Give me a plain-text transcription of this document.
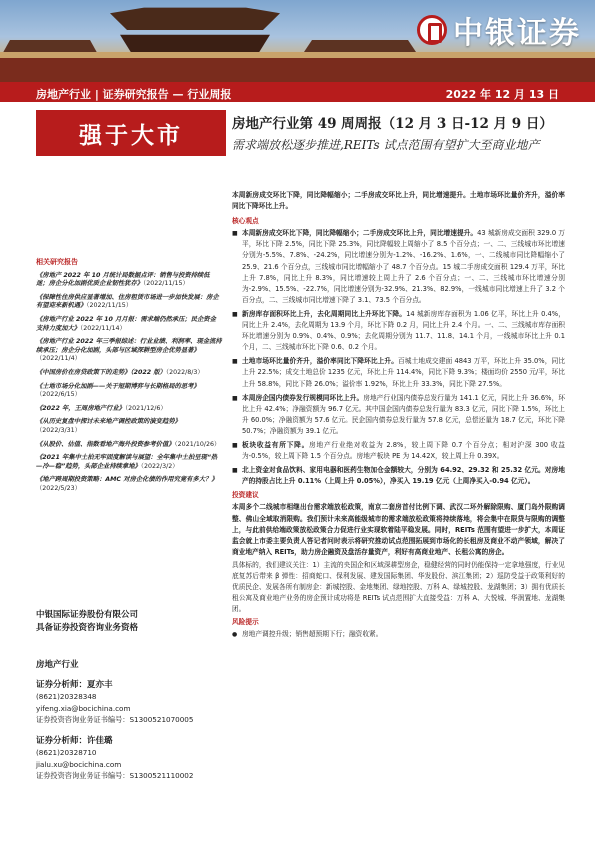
中银证券
房地产行业 | 证券研究报告 — 行业周报	2022 年 12 月 13 日
强于大市	房地产行业第 49 周周报（12 月 3 日-12 月 9 日）
需求端放松逐步推进,REITs 试点范围有望扩大至商业地产
相关研究报告
《房地产 2022 年 10 月统计局数据点评：销售与投资持续低迷；房企分化加剧优质企业韧性犹存》（2022/11/15）
《保障性住房供应显著增加、住房租赁市场进一步加快发展：房企有望迎来新机遇》（2022/11/15）
《房地产行业 2022 年 10 月月报：需求端仍然承压；民企资金支持力度加大》（2022/11/14）
《房地产行业 2022 年三季报综述：行业业绩、利润率、现金流持续承压；房企分化加剧，头部与区域深耕型房企优势显著》（2022/11/4）
《中国房价在房贷政策下的走势》（2022 版）（2022/8/3）
《土地市场分化加剧——关于短期博弈与长期格局的思考》（2022/6/15）
《2022 年，王周房地产行业》（2021/12/6）
《从历史复盘中探讨未来地产调控政策的演变趋势》（2022/3/31）
《从股价、估值、指数看地产海外投资参考价值》（2021/10/26）
《2021 年集中土拍无牢固度解读与展望：全年集中土拍呈现“热—冷—稳”趋势，头部企业持续拿地》（2022/3/2）
《地产跨周期投资策略：AMC 对房企化债的作用究竟有多大？》（2022/5/23）
中银国际证券股份有限公司
具备证券投资咨询业务资格
房地产行业
证券分析师：夏亦丰
(8621)20328348
yifeng.xia@bocichina.com
证券投资咨询业务证书编号：S1300521070005
证券分析师：许佳璐
(8621)20328710
jialu.xu@bocichina.com
证券投资咨询业务证书编号：S1300521110002
本周新房成交环比下降，同比降幅缩小；二手房成交环比上升，同比增速提升。土地市场环比量价齐升，溢价率同比下降环比上升。
核心观点
■ 本周新房成交环比下降，同比降幅缩小；二手房成交环比上升，同比增速提升。43 城新房成交面积 329.0 万平，环比下降 2.5%，同比下降 25.3%，同比降幅较上周缩小了 8.5 个百分点；一、二、三线城市环比增速分别为-5.5%、7.8%、-24.2%，同比增速分别为-1.2%、-16.2%、1.6%，一、二线城市同比降幅缩小了 25.9、21.6 个百分点，三线城市同比增幅缩小了 48.7 个百分点。15 城二手房成交面积 129.4 万平，环比上升 7.8%，同比上升 8.3%，同比增速较上周上升了 2.6 个百分点；一、二、三线城市环比增速分别为-2.9%、15.5%、-22.7%，同比增速分别为-32.9%、21.3%、82.9%，一线城市同比增速上升了 3.2 个百分点，二、三线城市同比增速下降了 3.1、73.5 个百分点。
■ 新房库存面积环比上升，去化周期同比上升环比下降。14 城新房库存面积为 1.06 亿平，环比上升 0.4%，同比上升 2.4%，去化周期为 13.9 个月，环比下降 0.2 月，同比上升 2.4 个月。一、二、三线城市库存面积环比增速分别为 0.9%、0.4%、0.9%；去化周期分别为 11.7、11.8、14.1 个月，一线城市环比上升 0.1 个月，二、三线城市环比下降 0.6、0.2 个月。
■ 土地市场环比量价齐升，溢价率同比下降环比上升。百城土地成交建面 4843 万平，环比上升 35.0%，同比上升 22.5%；成交土地总价 1235 亿元，环比上升 114.4%，同比下降 9.3%；楼面均价 2550 元/平，环比上升 58.8%，同比下降 26.0%；溢价率 1.92%，环比上升 33.3%，同比下降 27.5%。
■ 本周房企国内债券发行规模同环比上升。房地产行业国内债券总发行量为 141.1 亿元，同比上升 36.6%，环比上升 42.4%；净融资额为 96.7 亿元。其中国企国内债券总发行量为 83.3 亿元，同比下降 1.5%，环比上升 60.0%；净融资额为 57.6 亿元。民企国内债券总发行量为 57.8 亿元，总偿还量为 18.7 亿元，环比下降 50.7%；净融资额为 39.1 亿元。
■ 板块收益有所下降。房地产行业绝对收益为 2.8%，较上周下降 0.7 个百分点；相对沪深 300 收益为-0.5%，较上周下降 1.5 个百分点。房地产板块 PE 为 14.42X，较上周上升 0.39X。
■ 北上资金对食品饮料、家用电器和医药生物加仓金额较大，分别为 64.92、29.32 和 25.32 亿元。对房地产的持股占比上升 0.11%（上周上升 0.05%），净买入 19.19 亿元（上周净买入-0.94 亿元）。
投资建议
本周多个二线城市相继出台需求端放松政策，南京二套房首付比例下调、武汉二环外解除限购、厦门岛外限购调整、佛山全域取消限购。我们预计未来高能级城市的需求端放松政策将持续落地，将会集中在限贷与限购的调整上，与此前供给端政策放松政策合力促进行业实现软着陆平稳发展。同时，REITs 范围有望进一步扩大，本周证监会就上市委主要负责人答记者问时表示将研究推动试点范围拓展到市场化的长租房及商业不动产领域，解决了商业地产纳入 REITs，助力房企融资及盘活存量资产，利好有高商业地产、长租公寓的房企。
具体标的，我们建议关注：1）主流的央国企和区域深耕型房企，稳健经营的同时仍能保持一定拿地强度，行业见底复苏后带来 β 弹性：招商蛇口、保利发展、建发国际集团、华发股份、滨江集团；2）巡防受益于政策利好的优质民企、发展各所有制房企：新城控股、金地集团、绿地控股、万科 A、绿城控股、龙湖集团；3）拥有优质长租公寓及商业地产业务的房企预计成功将是 REITs 试点范围扩大直接受益：万科 A、大悦城、华润置地、龙湖集团。
风险提示
● 房地产调控升级；销售超预期下行；融资收紧。
